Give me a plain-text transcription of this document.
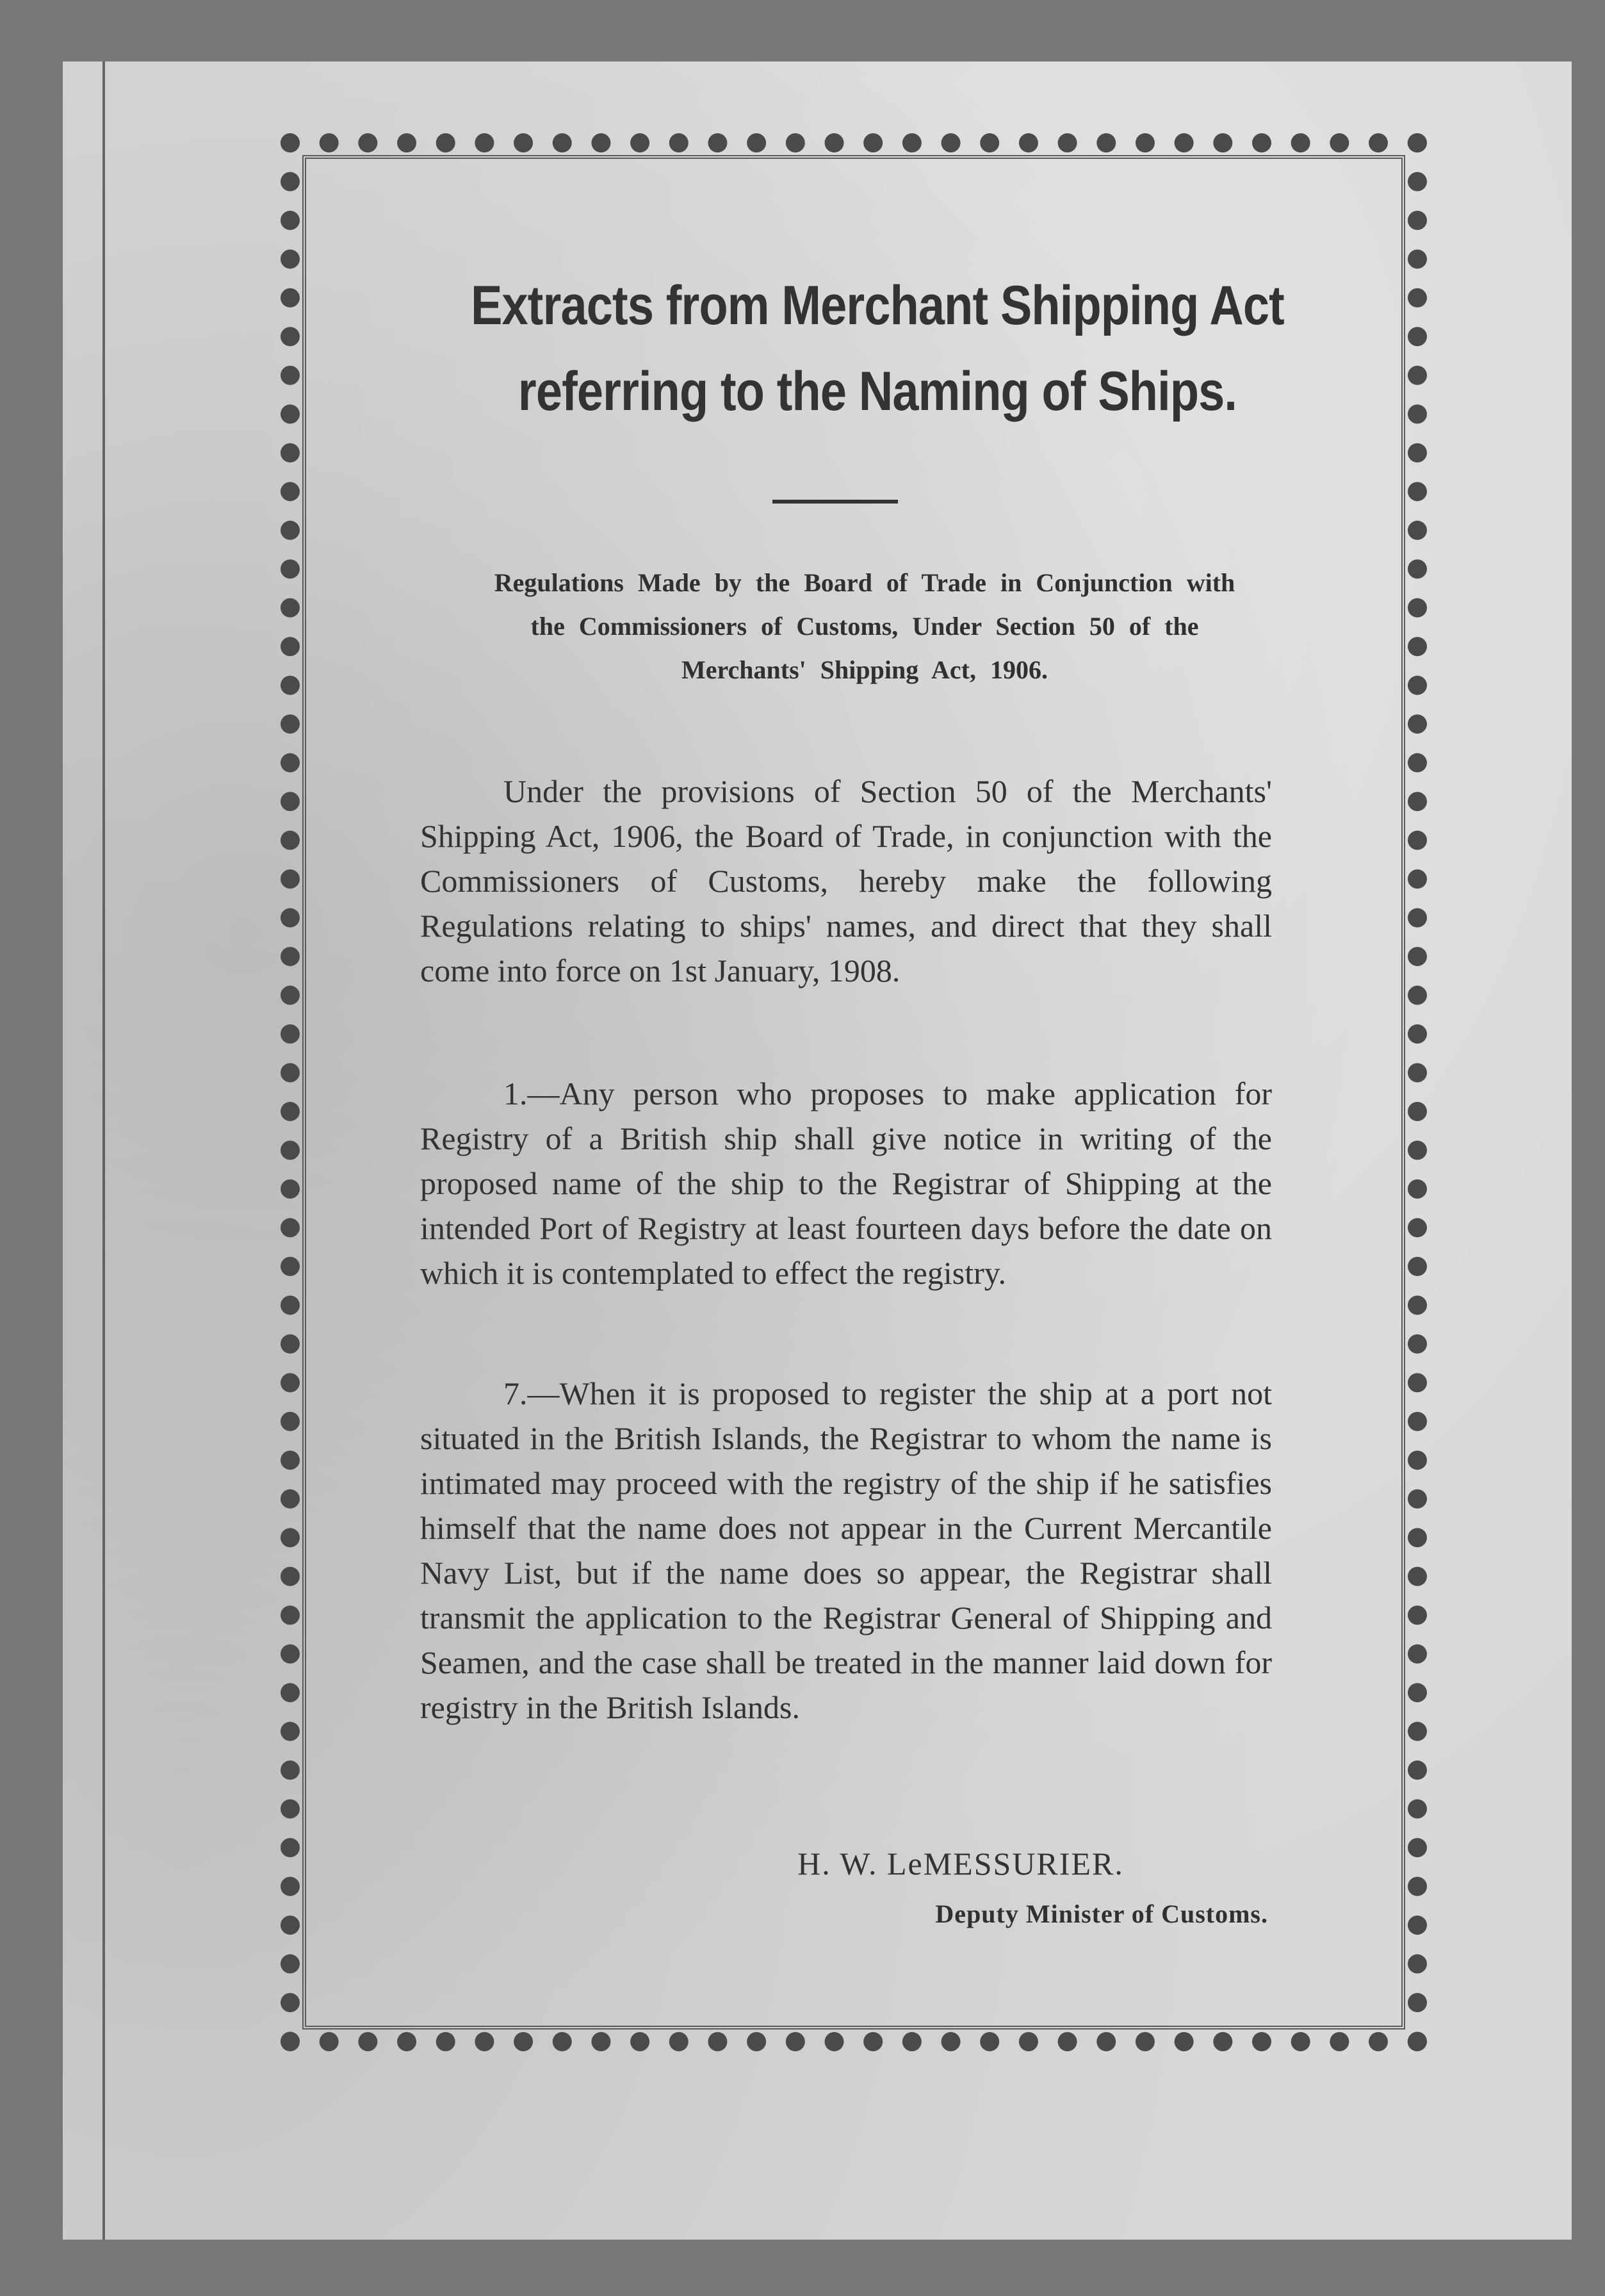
Extracts from Merchant Shipping Act referring to the Naming of Ships.
Regulations Made by the Board of Trade in Conjunction with the Commissioners of Customs, Under Section 50 of the Merchants' Shipping Act, 1906.
Under the provisions of Section 50 of the Merchants' Shipping Act, 1906, the Board of Trade, in conjunction with the Commissioners of Customs, hereby make the following Regulations relating to ships' names, and direct that they shall come into force on 1st January, 1908.
1.—Any person who proposes to make application for Registry of a British ship shall give notice in writing of the proposed name of the ship to the Registrar of Shipping at the intended Port of Registry at least fourteen days before the date on which it is contemplated to effect the registry.
7.—When it is proposed to register the ship at a port not situated in the British Islands, the Registrar to whom the name is intimated may proceed with the registry of the ship if he satisfies himself that the name does not appear in the Current Mercantile Navy List, but if the name does so appear, the Registrar shall transmit the application to the Registrar General of Shipping and Seamen, and the case shall be treated in the manner laid down for registry in the British Islands.
H. W. LeMESSURIER.
Deputy Minister of Customs.
